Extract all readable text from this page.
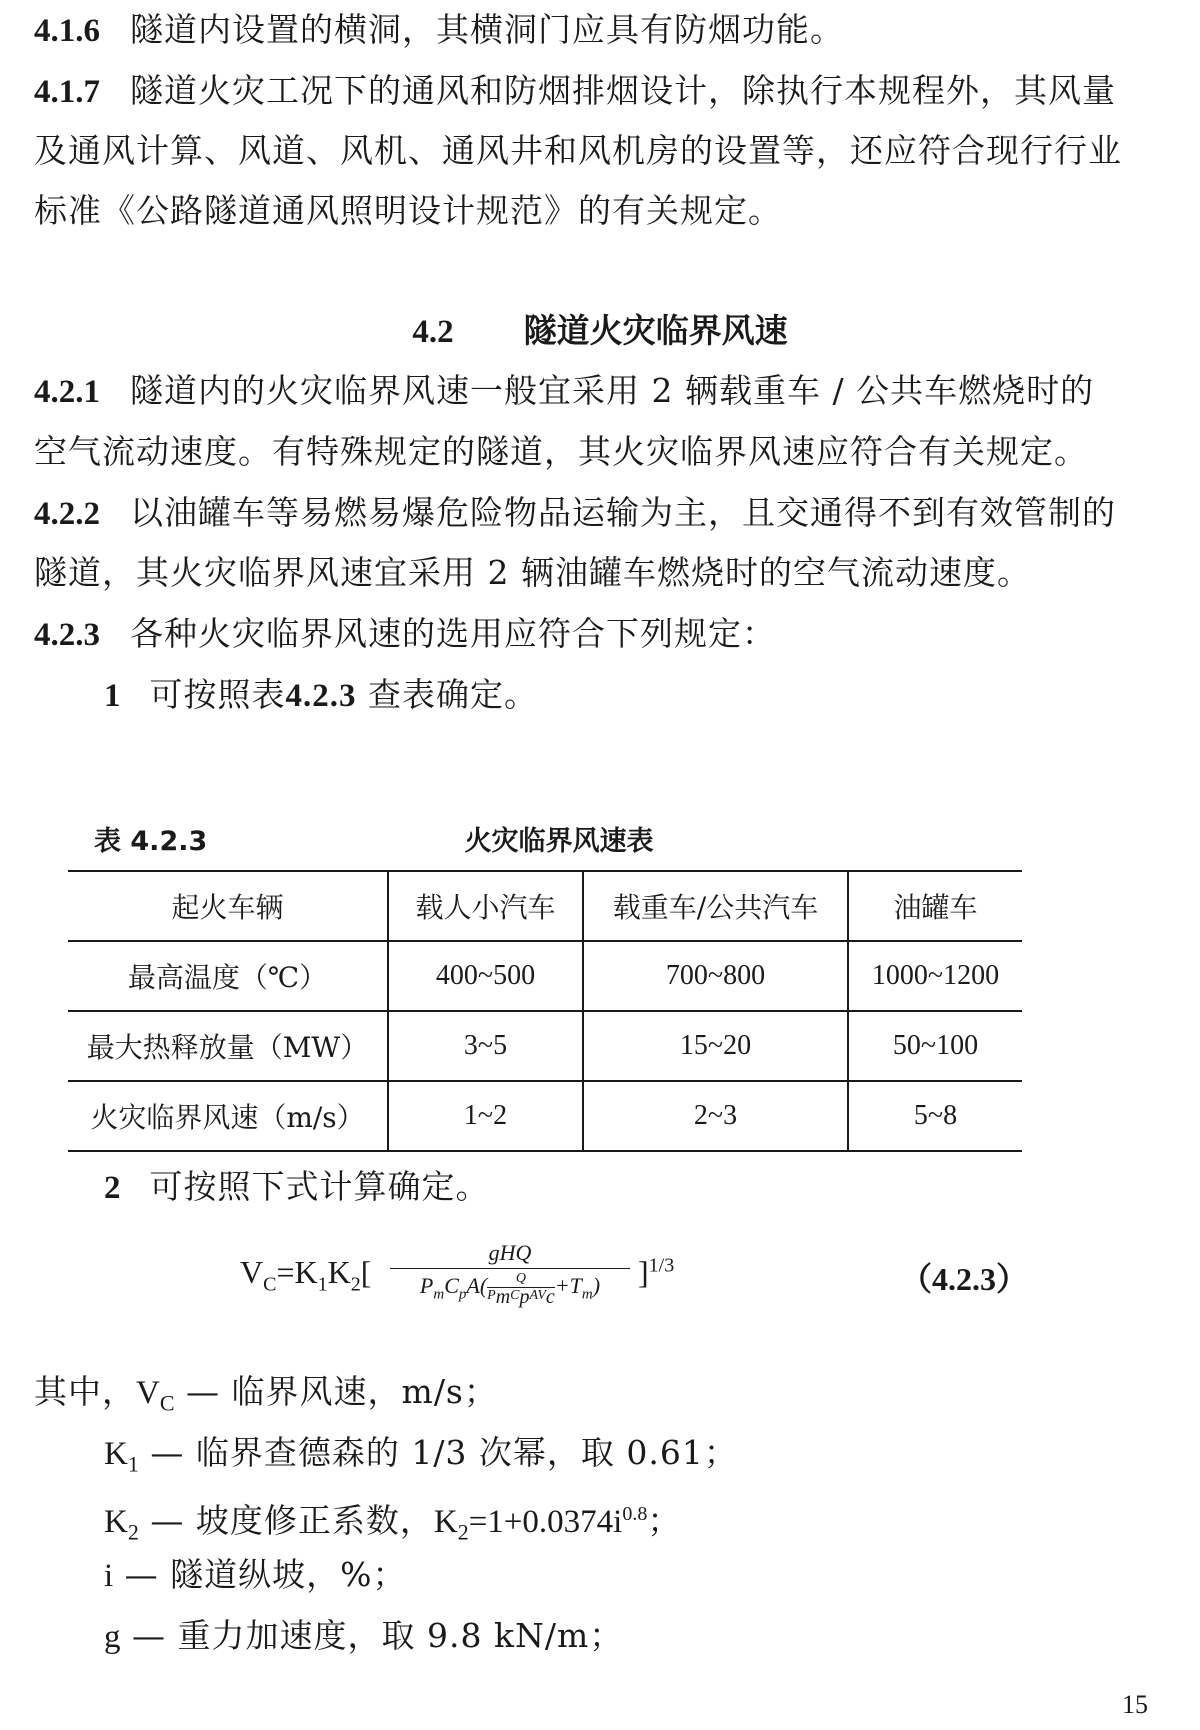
4.1.6 隧道内设置的横洞，其横洞门应具有防烟功能。
4.1.7 隧道火灾工况下的通风和防烟排烟设计，除执行本规程外，其风量
及通风计算、风道、风机、通风井和风机房的设置等，还应符合现行行业
标准《公路隧道通风照明设计规范》的有关规定。
4.2 隧道火灾临界风速
4.2.1 隧道内的火灾临界风速一般宜采用 2 辆载重车 / 公共车燃烧时的
空气流动速度。有特殊规定的隧道，其火灾临界风速应符合有关规定。
4.2.2 以油罐车等易燃易爆危险物品运输为主，且交通得不到有效管制的
隧道，其火灾临界风速宜采用 2 辆油罐车燃烧时的空气流动速度。
4.2.3 各种火灾临界风速的选用应符合下列规定：
1 可按照表4.2.3 查表确定。
表 4.2.3	火灾临界风速表
起火车辆	载人小汽车	载重车/公共汽车	油罐车
最高温度（℃）	400~500	700~800	1000~1200
最大热释放量（MW）	3~5	15~20	50~100
火灾临界风速（m/s）	1~2	2~3	5~8
2 可按照下式计算确定。
$V_C=K_1K_2$[
gHQ
$P_mC_pA(\frac{Q}{P_mC_pAV_c}+T_m)$	]$^{1/3}$	（4.2.3）
其中，$V_C$ — 临界风速，m/s；
$K_1$ — 临界查德森的 1/3 次幂，取 0.61；
$K_2$ — 坡度修正系数，$K_2=1+0.0374i^{0.8}$；
i — 隧道纵坡，%；
g — 重力加速度，取 9.8 kN/m；
15
